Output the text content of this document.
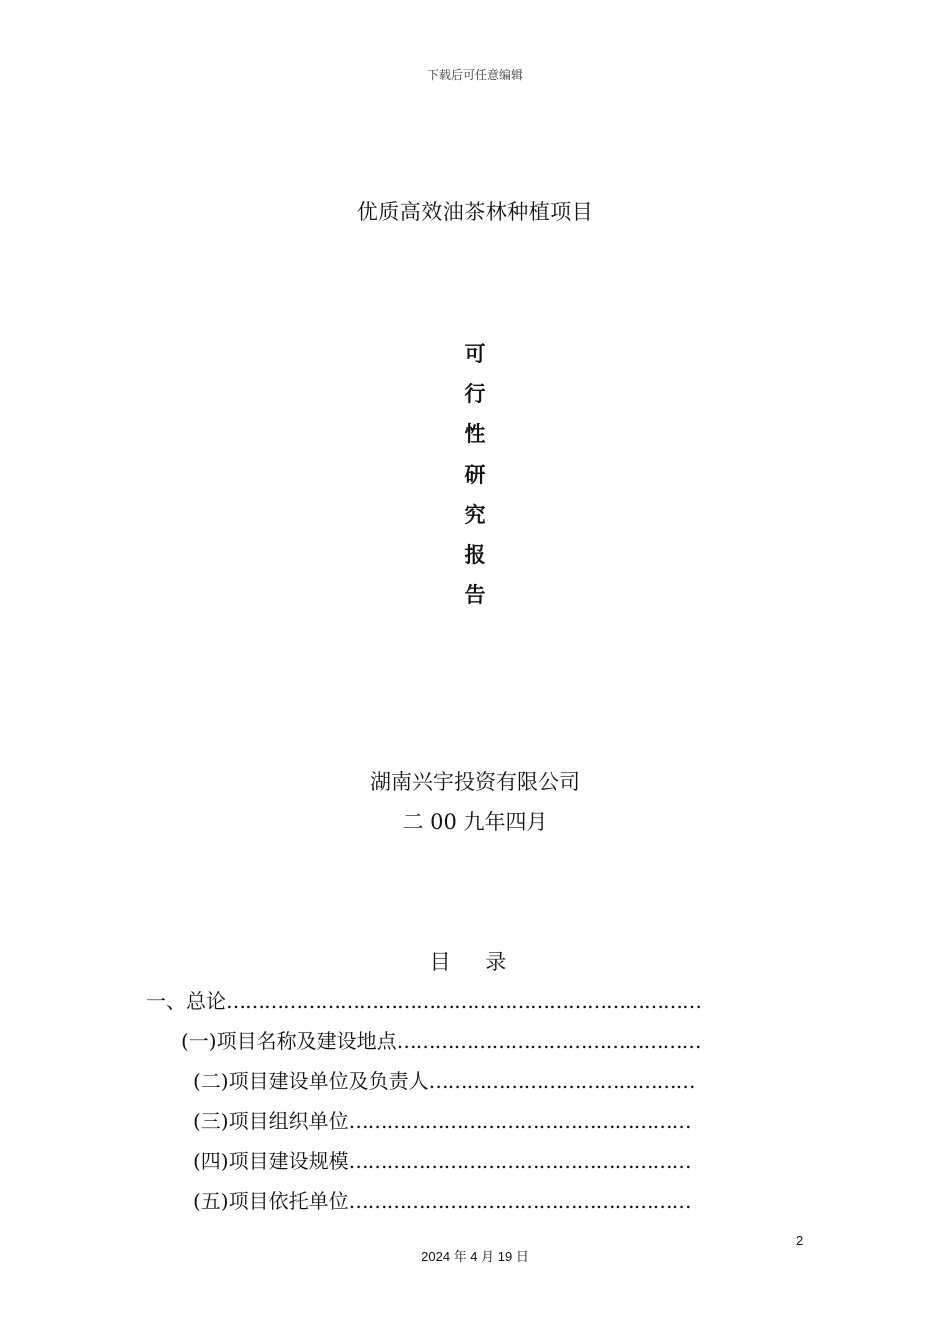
下载后可任意编辑
优质高效油茶林种植项目
可
行
性
研
究
报
告
湖南兴宇投资有限公司
二 00 九年四月
目 录
一、总论…………………………………………………………………
(一)项目名称及建设地点…………………………………………
(二)项目建设单位及负责人……………………………………
(三)项目组织单位………………………………………………
(四)项目建设规模………………………………………………
(五)项目依托单位………………………………………………
2
2024 年 4 月 19 日
